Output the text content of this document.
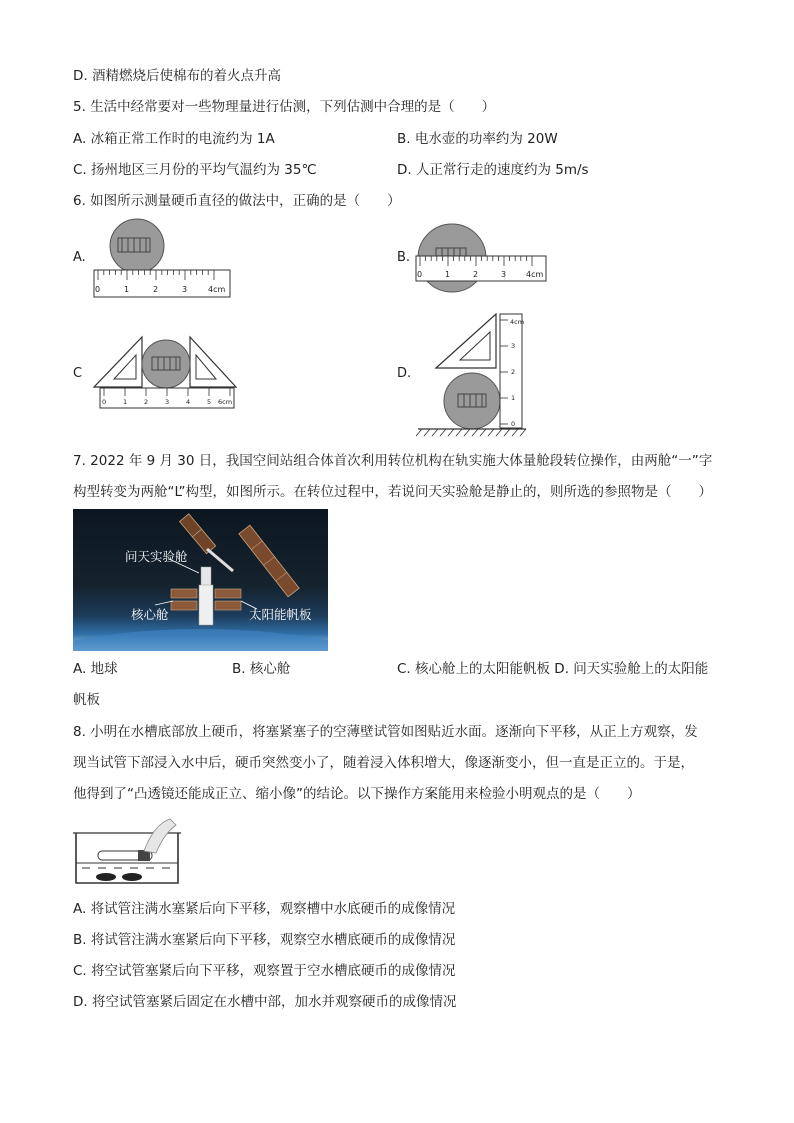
D. 酒精燃烧后使棉布的着火点升高
5. 生活中经常要对一些物理量进行估测，下列估测中合理的是（　　）
A. 冰箱正常工作时的电流约为 1A	B. 电水壶的功率约为 20W
C. 扬州地区三月份的平均气温约为 35℃	D. 人正常行走的速度约为 5m/s
6. 如图所示测量硬币直径的做法中，正确的是（　　）
A.
0	1	2	3	4cm
B.
0	1	2	3 4cm
C
0	1	2	3	4	5 6cm
D.
0
1
2
3
4cm
7. 2022 年 9 月 30 日，我国空间站组合体首次利用转位机构在轨实施大体量舱段转位操作，由两舱“一”字
构型转变为两舱“L”构型，如图所示。在转位过程中，若说问天实验舱是静止的，则所选的参照物是（　　）
问天实验舱
核心舱	太阳能帆板
A. 地球	B. 核心舱	C. 核心舱上的太阳能帆板 D. 问天实验舱上的太阳能
帆板
8. 小明在水槽底部放上硬币，将塞紧塞子的空薄壁试管如图贴近水面。逐渐向下平移，从正上方观察，发
现当试管下部浸入水中后，硬币突然变小了，随着浸入体积增大，像逐渐变小，但一直是正立的。于是，
他得到了“凸透镜还能成正立、缩小像”的结论。以下操作方案能用来检验小明观点的是（　　）
A. 将试管注满水塞紧后向下平移，观察槽中水底硬币的成像情况
B. 将试管注满水塞紧后向下平移，观察空水槽底硬币的成像情况
C. 将空试管塞紧后向下平移，观察置于空水槽底硬币的成像情况
D. 将空试管塞紧后固定在水槽中部，加水并观察硬币的成像情况
